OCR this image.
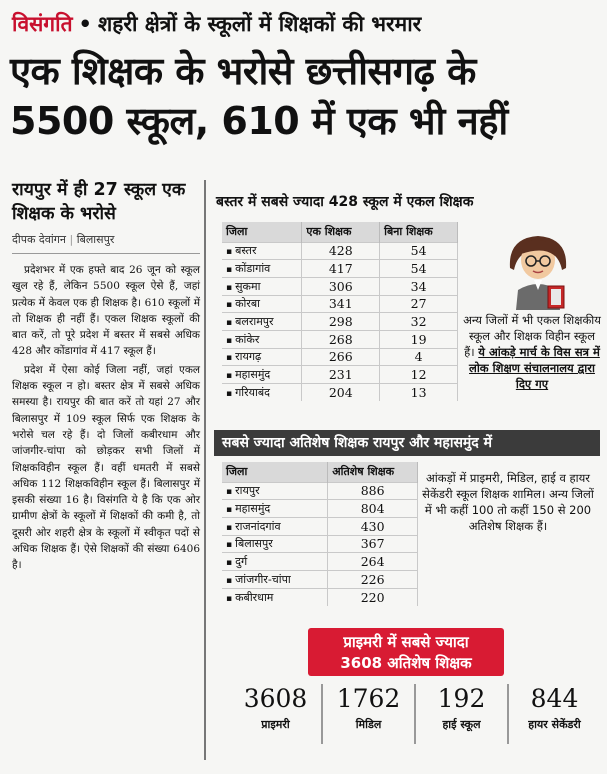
विसंगति • शहरी क्षेत्रों के स्कूलों में शिक्षकों की भरमार
एक शिक्षक के भरोसे छत्तीसगढ़ के
5500 स्कूल, 610 में एक भी नहीं
रायपुर में ही 27 स्कूल एक शिक्षक के भरोसे
दीपक देवांगन | बिलासपुर

प्रदेशभर में एक हफ्ते बाद 26 जून को स्कूल खुल रहे हैं, लेकिन 5500 स्कूल ऐसे हैं, जहां प्रत्येक में केवल एक ही शिक्षक है। 610 स्कूलों में तो शिक्षक ही नहीं हैं। एकल शिक्षक स्कूलों की बात करें, तो पूरे प्रदेश में बस्तर में सबसे अधिक 428 और कोंडागांव में 417 स्कूल हैं।

प्रदेश में ऐसा कोई जिला नहीं, जहां एकल शिक्षक स्कूल न हो। बस्तर क्षेत्र में सबसे अधिक समस्या है। रायपुर की बात करें तो यहां 27 और बिलासपुर में 109 स्कूल सिर्फ एक शिक्षक के भरोसे चल रहे हैं। दो जिलों कबीरधाम और जांजगीर-चांपा को छोड़कर सभी जिलों में शिक्षकविहीन स्कूल हैं। वहीं धमतरी में सबसे अधिक 112 शिक्षकविहीन स्कूल हैं। बिलासपुर में इसकी संख्या 16 है। विसंगति ये है कि एक ओर ग्रामीण क्षेत्रों के स्कूलों में शिक्षकों की कमी है, तो दूसरी ओर शहरी क्षेत्र के स्कूलों में स्वीकृत पदों से अधिक शिक्षक हैं। ऐसे शिक्षकों की संख्या 6406 है।

बस्तर में सबसे ज्यादा 428 स्कूल में एकल शिक्षक
जिला	एक शिक्षक	बिना शिक्षक
▪ बस्तर	428	54
▪ कोंडागांव	417	54
▪ सुकमा	306	34
▪ कोरबा	341	27
▪ बलरामपुर	298	32
▪ कांकेर	268	19
▪ रायगढ़	266	4
▪ महासमुंद	231	12
▪ गरियाबंद	204	13
अन्य जिलों में भी एकल शिक्षकीय स्कूल और शिक्षक विहीन स्कूल हैं। ये आंकड़े मार्च के विस सत्र में लोक शिक्षण संचालनालय द्वारा दिए गए
सबसे ज्यादा अतिशेष शिक्षक रायपुर और महासमुंद में
जिला	अतिशेष शिक्षक
▪ रायपुर	886
▪ महासमुंद	804
▪ राजनांदगांव	430
▪ बिलासपुर	367
▪ दुर्ग	264
▪ जांजगीर-चांपा	226
▪ कबीरधाम	220
आंकड़ों में प्राइमरी, मिडिल, हाई व हायर सेकेंडरी स्कूल शिक्षक शामिल। अन्य जिलों में भी कहीं 100 तो कहीं 150 से 200 अतिशेष शिक्षक हैं।
प्राइमरी में सबसे ज्यादा
3608 अतिशेष शिक्षक
3608
प्राइमरी
1762
मिडिल
192
हाई स्कूल
844
हायर सेकेंडरी
